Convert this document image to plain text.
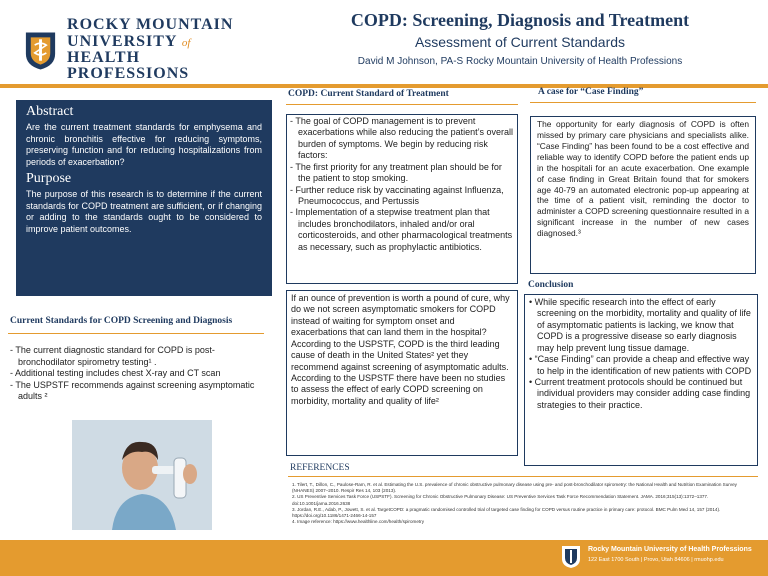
ROCKY MOUNTAIN
UNIVERSITY of
HEALTH PROFESSIONS
COPD: Screening, Diagnosis and Treatment
Assessment of Current Standards
David M Johnson, PA-S Rocky Mountain University of Health Professions
Abstract

Are the current treatment standards for emphysema and chronic bronchitis effective for reducing symptoms, preserving function and for reducing hospitalizations from periods of exacerbation?

Purpose

The purpose of this research is to determine if the current standards for COPD treatment are sufficient, or if changing or adding to the standards ought to be considered to improve patient outcomes.

Current Standards for COPD Screening and Diagnosis
- The current diagnostic standard for COPD is post-bronchodilator spirometry testing¹ .
- Additional testing includes chest X-ray and CT scan
- The USPSTF recommends against screening asymptomatic adults ²
COPD: Current Standard of Treatment
- The goal of COPD management is to prevent exacerbations while also reducing the patient’s overall burden of symptoms. We begin by reducing risk factors:
- The first priority for any treatment plan should be for the patient to stop smoking.
- Further reduce risk by vaccinating against Influenza, Pneumococcus, and Pertussis
- Implementation of a stepwise treatment plan that includes bronchodilators, inhaled and/or oral corticosteroids, and other pharmacological treatments as necessary, such as prophylactic antibiotics.

If an ounce of prevention is worth a pound of cure, why do we not screen asymptomatic smokers for COPD instead of waiting for symptom onset and exacerbations that can land them in the hospital? According to the USPSTF, COPD is the third leading cause of death in the United States² yet they recommend against screening of asymptomatic adults. According to the USPSTF there have been no studies to assess the effect of early COPD screening on morbidity, mortality and quality of life²

REFERENCES
1. Tilert, T., Dillon, C., Paulose-Ram, R. et al. Estimating the U.S. prevalence of chronic obstructive pulmonary disease using pre- and post-bronchodilator spirometry: the National Health and Nutrition Examination Survey (NHANES) 2007–2010. Respir Res 14, 103 (2013).
2. US Preventive Services Task Force (USPSTF). Screening for Chronic Obstructive Pulmonary Disease: US Preventive Services Task Force Recommendation Statement. JAMA. 2016;315(13):1372–1377. doi:10.1001/jama.2016.2638
3. Jordan, R.E., Adab, P., Jowett, S. et al. TargetCOPD: a pragmatic randomised controlled trial of targeted case finding for COPD versus routine practice in primary care: protocol. BMC Pulm Med 14, 157 (2014). https://doi.org/10.1186/1471-2466-14-157
4. Image reference: https://www.healthline.com/health/spirometry
A case for “Case Finding”

The opportunity for early diagnosis of COPD is often missed by primary care physicians and specialists alike. “Case Finding” has been found to be a cost effective and reliable way to identify COPD before the patient ends up in the hospitali for an acute exacerbation. One example of case finding in Great Britain found that for smokers age 40-79 an automated electronic pop-up appearing at the time of a patient visit, reminding the doctor to administer a COPD screening questionnaire resulted in a significant increase in the number of new cases diagnosed.³

Conclusion
• While specific research into the effect of early screening on the morbidity, mortality and quality of life of asymptomatic patients is lacking, we know that COPD is a progressive disease so early diagnosis may help prevent lung tissue damage.
• “Case Finding” can provide a cheap and effective way to help in the identification of new patients with COPD
• Current treatment protocols should be continued but individual providers may consider adding case finding strategies to their practice.
Rocky Mountain University of Health Professions
122 East 1700 South | Provo, Utah 84606 | rmuohp.edu
